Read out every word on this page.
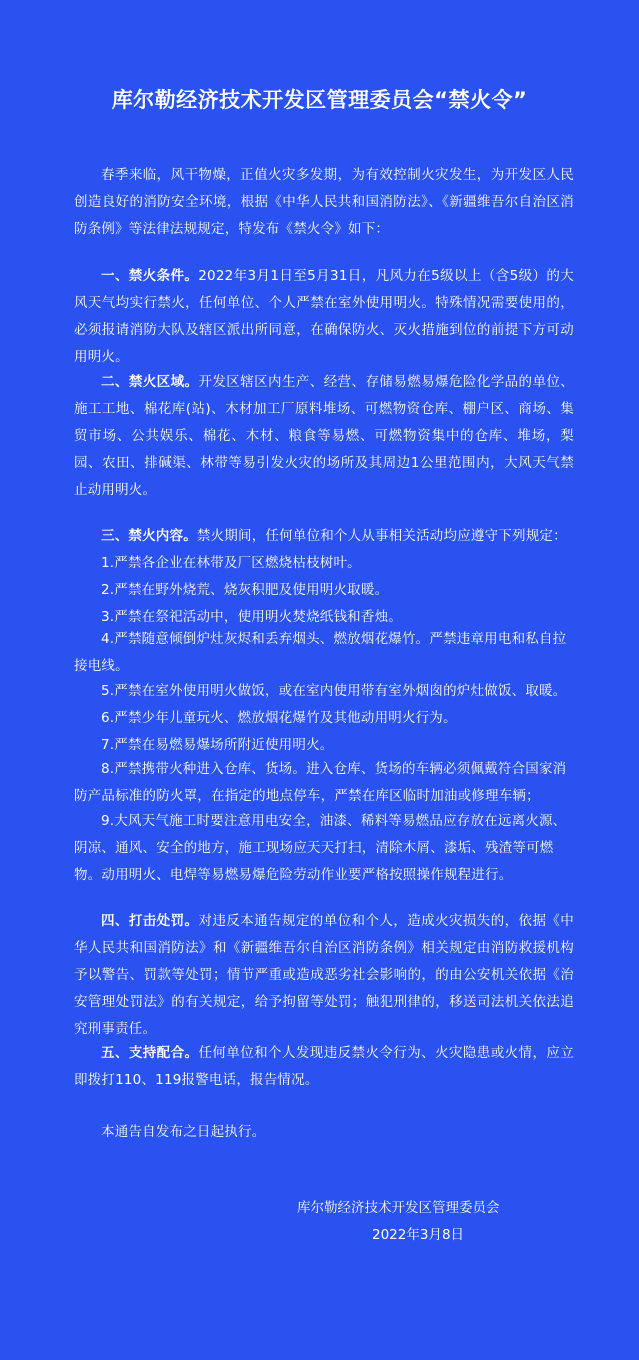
库尔勒经济技术开发区管理委员会“禁火令”

春季来临，风干物燥，正值火灾多发期，为有效控制火灾发生，为开发区人民创造良好的消防安全环境，根据《中华人民共和国消防法》、《新疆维吾尔自治区消防条例》等法律法规规定，特发布《禁火令》如下：

一、禁火条件。2022年3月1日至5月31日，凡风力在5级以上（含5级）的大风天气均实行禁火，任何单位、个人严禁在室外使用明火。特殊情况需要使用的，必须报请消防大队及辖区派出所同意，在确保防火、灭火措施到位的前提下方可动用明火。

二、禁火区域。开发区辖区内生产、经营、存储易燃易爆危险化学品的单位、施工工地、棉花库(站)、木材加工厂原料堆场、可燃物资仓库、棚户区、商场、集贸市场、公共娱乐、棉花、木材、粮食等易燃、可燃物资集中的仓库、堆场，梨园、农田、排碱渠、林带等易引发火灾的场所及其周边1公里范围内，大风天气禁止动用明火。

三、禁火内容。禁火期间，任何单位和个人从事相关活动均应遵守下列规定：

1.严禁各企业在林带及厂区燃烧枯枝树叶。

2.严禁在野外烧荒、烧灰积肥及使用明火取暖。

3.严禁在祭祀活动中，使用明火焚烧纸钱和香烛。

4.严禁随意倾倒炉灶灰烬和丢弃烟头、燃放烟花爆竹。严禁违章用电和私自拉接电线。

5.严禁在室外使用明火做饭，或在室内使用带有室外烟囱的炉灶做饭、取暖。

6.严禁少年儿童玩火、燃放烟花爆竹及其他动用明火行为。

7.严禁在易燃易爆场所附近使用明火。

8.严禁携带火种进入仓库、货场。进入仓库、货场的车辆必须佩戴符合国家消防产品标准的防火罩，在指定的地点停车，严禁在库区临时加油或修理车辆；

9.大风天气施工时要注意用电安全，油漆、稀料等易燃品应存放在远离火源、阴凉、通风、安全的地方，施工现场应天天打扫，清除木屑、漆垢、残渣等可燃物。动用明火、电焊等易燃易爆危险劳动作业要严格按照操作规程进行。

四、打击处罚。对违反本通告规定的单位和个人，造成火灾损失的，依据《中华人民共和国消防法》和《新疆维吾尔自治区消防条例》相关规定由消防救援机构予以警告、罚款等处罚；情节严重或造成恶劣社会影响的，的由公安机关依据《治安管理处罚法》的有关规定，给予拘留等处罚；触犯刑律的，移送司法机关依法追究刑事责任。

五、支持配合。任何单位和个人发现违反禁火令行为、火灾隐患或火情，应立即拨打110、119报警电话，报告情况。

本通告自发布之日起执行。

库尔勒经济技术开发区管理委员会
2022年3月8日
